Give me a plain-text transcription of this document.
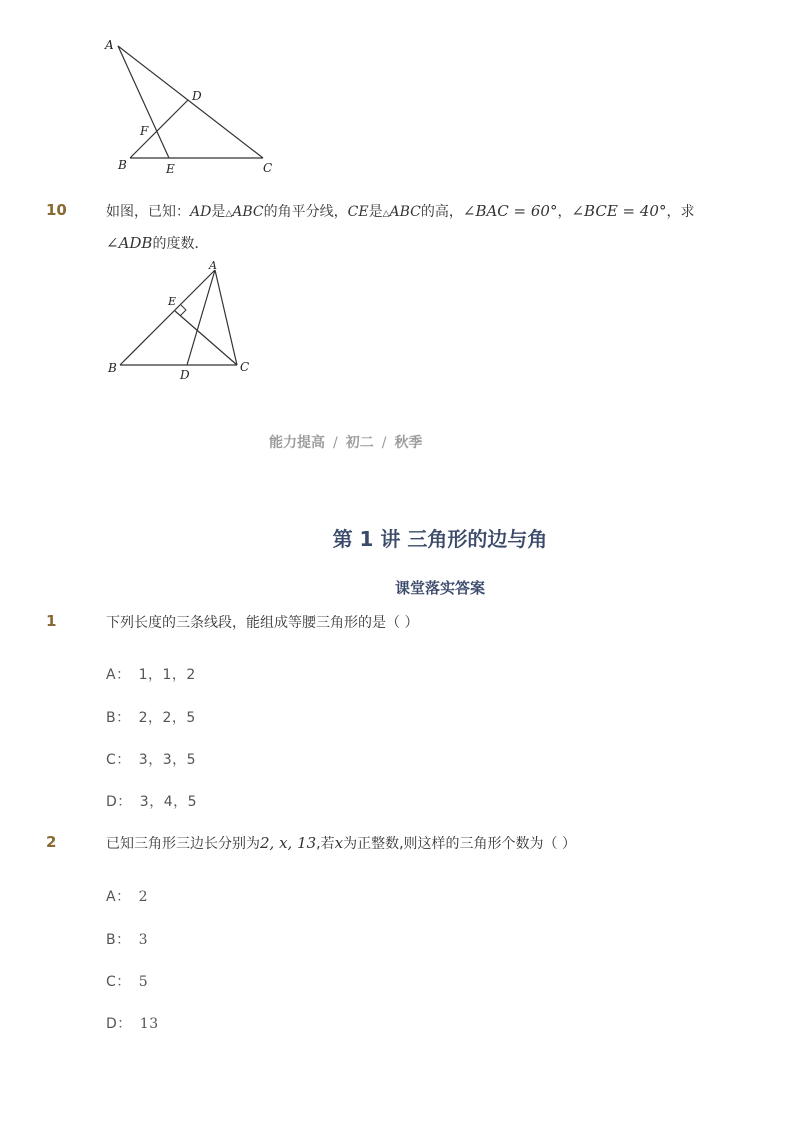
A
D
F
B	E	C
10	如图，已知：AD是△ABC的角平分线，CE是△ABC的高，∠BAC = 60°，∠BCE = 40°，求
∠ADB的度数．
A
E
B	D
C
能力提高 / 初二 / 秋季
第 1 讲 三角形的边与角
课堂落实答案
1	下列长度的三条线段，能组成等腰三角形的是（ ）
A： 1，1，2
B： 2，2，5
C： 3，3，5
D： 3，4，5
2	已知三角形三边长分别为2, x, 13,若x为正整数,则这样的三角形个数为（ ）
A： 2
B： 3
C： 5
D： 13
